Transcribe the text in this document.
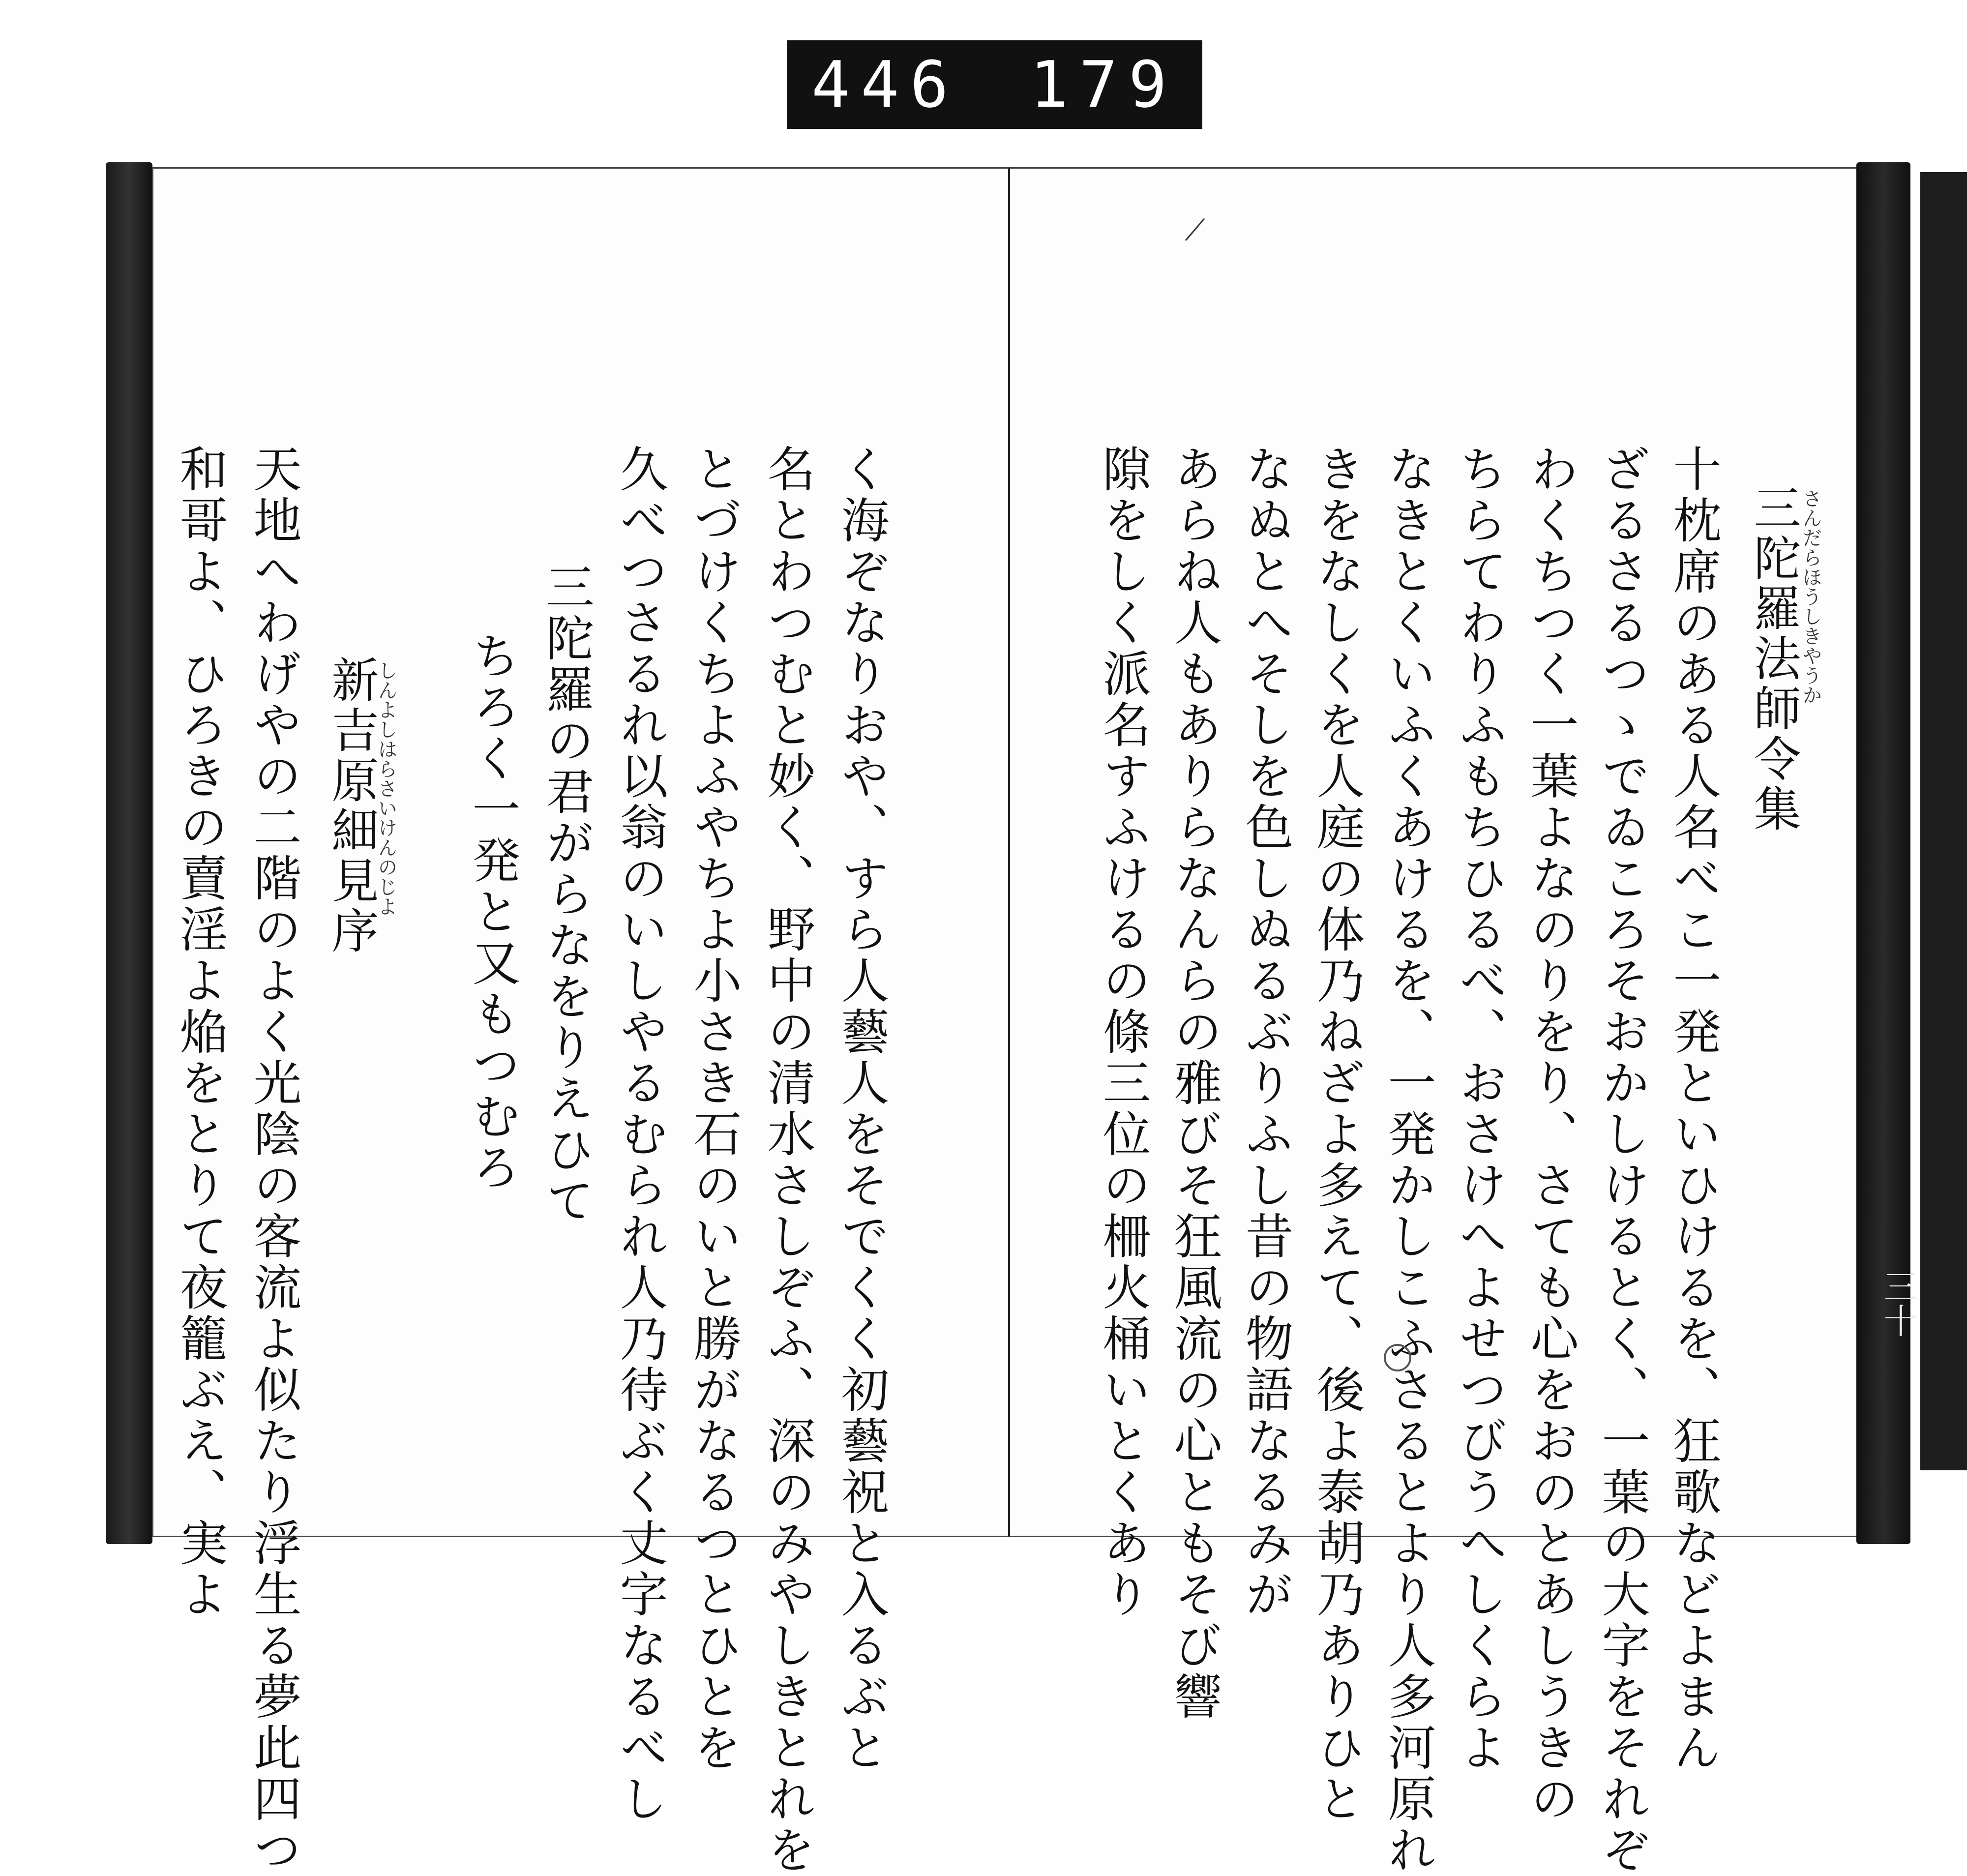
446 179
く海ぞなりおや、すら人藝人をそでくく初藝祝と入るぶと
名とわつむと妙く、野中の清水さしぞふ、深のみやしきとれを
とづけくちよふやちよ小さき石のいと勝がなるつとひとを
久べつさるれ以翁のいしやるむられ人乃待ぶく丈字なるべし
三陀羅の君がらなをりえひて
ちろく一発と又もつむろ
新吉原細見序
しんよしはらさいけんのじよ
天地へわげやの二階のよく光陰の客流よ似たり浮生る夢此四つ
和哥よ、ひろきの賣淫よ焔をとりて夜籠ぶえ、実よ
⟋
三陀羅法師令集
さんだらほうしきやうか
十枕席のある人名べこ一発といひけるを、狂歌などよまん
ざるさるつゝでゐころそおかしけるとく、一葉の大字をそれぞ
わくちつく一葉よなのりをり、さても心をおのとあしうきの
ちらてわりふもちひるべ、おさけへよせつびうへしくらよ
なきとくいふくあけるを、一発かしこふさるとより人多河原れ
きをなしくを人庭の体乃ねざよ多えて、後よ泰胡乃ありひと
なぬとへそしを色しぬるぶりふし昔の物語なるみが
あらね人もありらなんらの雅びそ狂風流の心ともそび響
隙をしく派名すふけるの條三位の柵火桶いとくあり	三十
